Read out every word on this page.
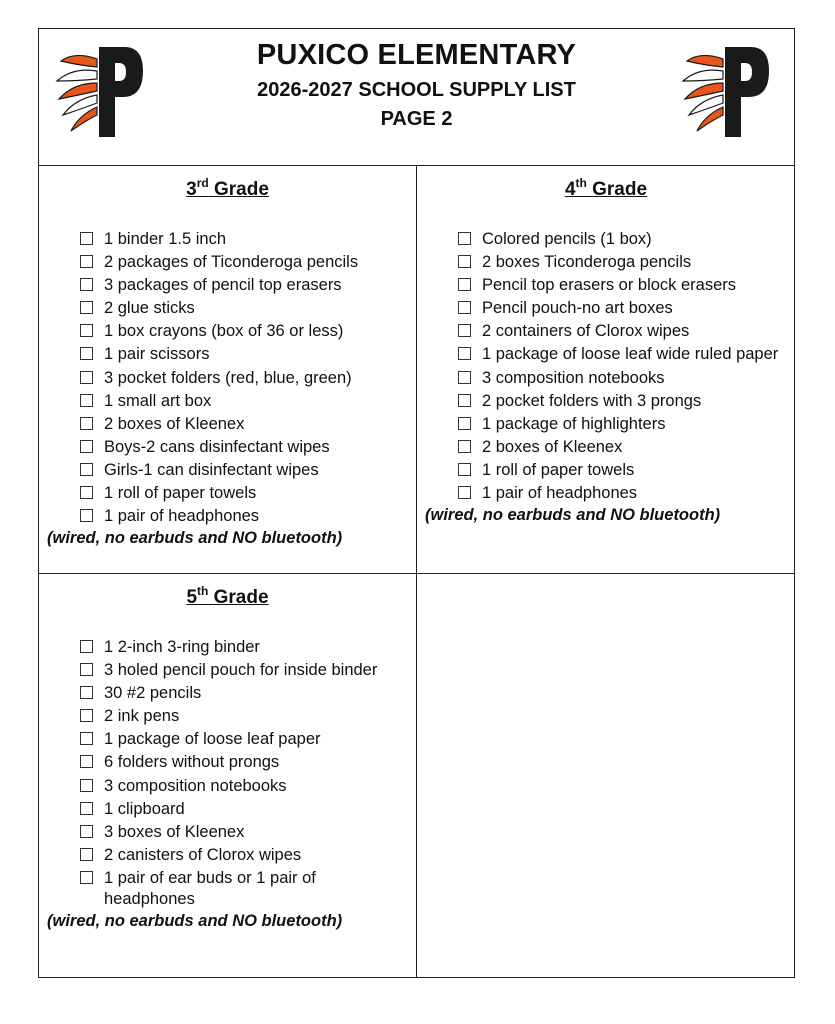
PUXICO ELEMENTARY
2026-2027 SCHOOL SUPPLY LIST
PAGE 2
3rd Grade
1 binder 1.5 inch
2 packages of Ticonderoga pencils
3 packages of pencil top erasers
2 glue sticks
1 box crayons (box of 36 or less)
1 pair scissors
3 pocket folders (red, blue, green)
1 small art box
2 boxes of Kleenex
Boys-2 cans disinfectant wipes
Girls-1 can disinfectant wipes
1 roll of paper towels
1 pair of headphones
(wired, no earbuds and NO bluetooth)
4th Grade
Colored pencils (1 box)
2 boxes Ticonderoga pencils
Pencil top erasers or block erasers
Pencil pouch-no art boxes
2 containers of Clorox wipes
1 package of loose leaf wide ruled paper
3 composition notebooks
2 pocket folders with 3 prongs
1 package of highlighters
2 boxes of Kleenex
1 roll of paper towels
1 pair of headphones
(wired, no earbuds and NO bluetooth)
5th Grade
1 2-inch 3-ring binder
3 holed pencil pouch for inside binder
30 #2 pencils
2 ink pens
1 package of loose leaf paper
6 folders without prongs
3 composition notebooks
1 clipboard
3 boxes of Kleenex
2 canisters of Clorox wipes
1 pair of ear buds or 1 pair of headphones
(wired, no earbuds and NO bluetooth)
